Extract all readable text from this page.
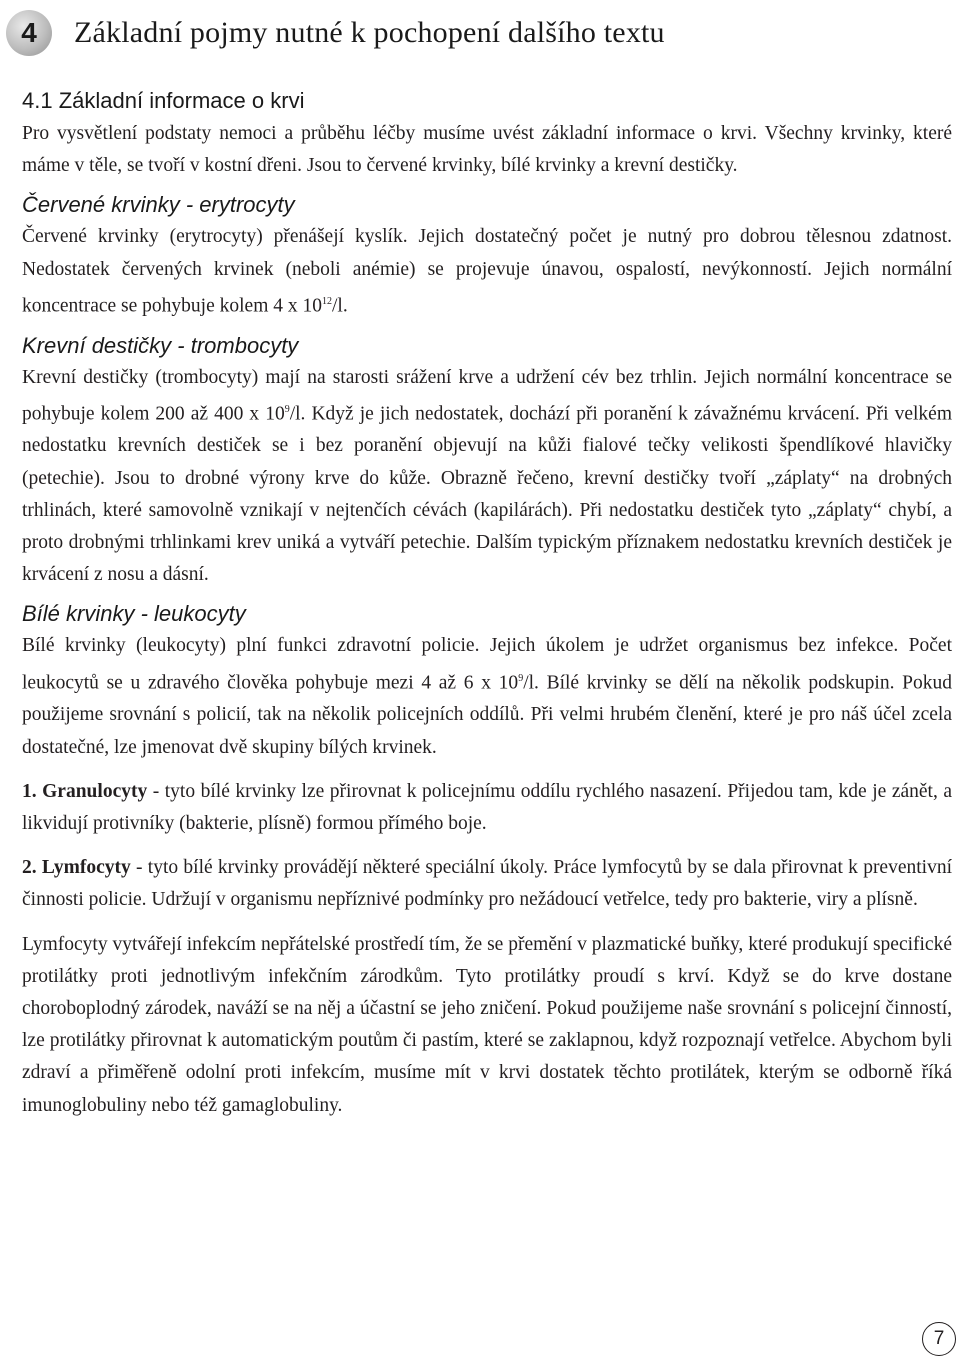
4	Základní pojmy nutné k pochopení dalšího textu
4.1 Základní informace o krvi

Pro vysvětlení podstaty nemoci a průběhu léčby musíme uvést základní informace o krvi. Všechny krvinky, které máme v těle, se tvoří v kostní dřeni. Jsou to červené krvinky, bílé krvinky a krevní destičky.

Červené krvinky - erytrocyty

Červené krvinky (erytrocyty) přenášejí kyslík. Jejich dostatečný počet je nutný pro dobrou tělesnou zdatnost. Nedostatek červených krvinek (neboli anémie) se projevuje únavou, ospalostí, nevýkonností. Jejich normální koncentrace se pohybuje kolem 4 x $10^{12}/l$.

Krevní destičky - trombocyty

Krevní destičky (trombocyty) mají na starosti srážení krve a udržení cév bez trhlin. Jejich normální koncentrace se pohybuje kolem 200 až 400 x $10^9/l$. Když je jich nedostatek, dochází při poranění k závažnému krvácení. Při velkém nedostatku krevních destiček se i bez poranění objevují na kůži fialové tečky velikosti špendlíkové hlavičky (petechie). Jsou to drobné výrony krve do kůže. Obrazně řečeno, krevní destičky tvoří „záplaty“ na drobných trhlinách, které samovolně vznikají v nejtenčích cévách (kapilárách). Při nedostatku destiček tyto „záplaty“ chybí, a proto drobnými trhlinkami krev uniká a vytváří petechie. Dalším typickým příznakem nedostatku krevních destiček je krvácení z nosu a dásní.

Bílé krvinky - leukocyty

Bílé krvinky (leukocyty) plní funkci zdravotní policie. Jejich úkolem je udržet organismus bez infekce. Počet leukocytů se u zdravého člověka pohybuje mezi 4 až 6 x $10^9/l$. Bílé krvinky se dělí na několik podskupin. Pokud použijeme srovnání s policií, tak na několik policejních oddílů. Při velmi hrubém členění, které je pro náš účel zcela dostatečné, lze jmenovat dvě skupiny bílých krvinek.

1. Granulocyty - tyto bílé krvinky lze přirovnat k policejnímu oddílu rychlého nasazení. Přijedou tam, kde je zánět, a likvidují protivníky (bakterie, plísně) formou přímého boje.

2. Lymfocyty - tyto bílé krvinky provádějí některé speciální úkoly. Práce lymfocytů by se dala přirovnat k preventivní činnosti policie. Udržují v organismu nepříznivé podmínky pro nežádoucí vetřelce, tedy pro bakterie, viry a plísně.

Lymfocyty vytvářejí infekcím nepřátelské prostředí tím, že se přemění v plazmatické buňky, které produkují specifické protilátky proti jednotlivým infekčním zárodkům. Tyto protilátky proudí s krví. Když se do krve dostane choroboplodný zárodek, naváží se na něj a účastní se jeho zničení. Pokud použijeme naše srovnání s policejní činností, lze protilátky přirovnat k automatickým poutům či pastím, které se zaklapnou, když rozpoznají vetřelce. Abychom byli zdraví a přiměřeně odolní proti infekcím, musíme mít v krvi dostatek těchto protilátek, kterým se odborně říká imunoglobuliny nebo též gamaglobuliny.

7
